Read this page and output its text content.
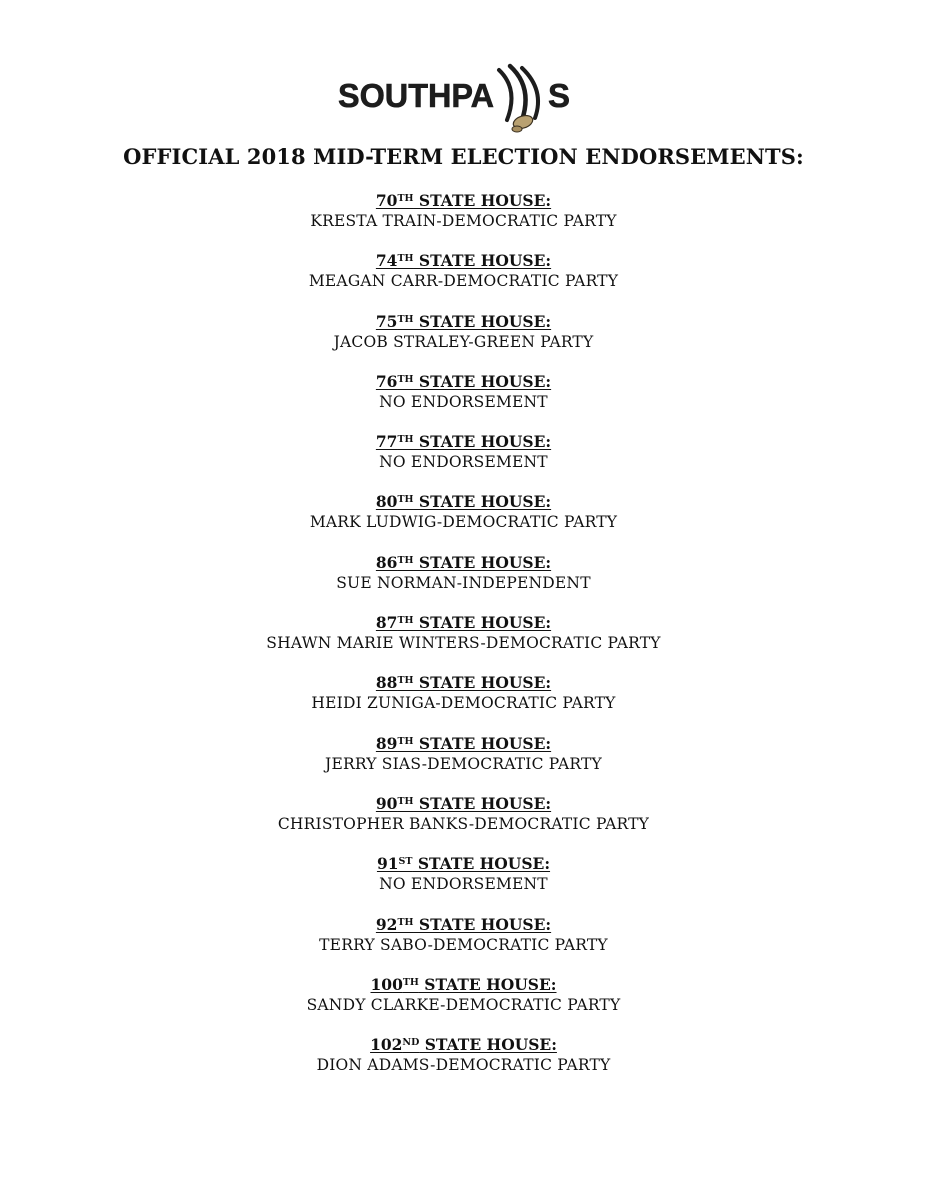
SOUTHPA S
OFFICIAL 2018 MID-TERM ELECTION ENDORSEMENTS:
70TH STATE HOUSE:
KRESTA TRAIN-DEMOCRATIC PARTY
74TH STATE HOUSE:
MEAGAN CARR-DEMOCRATIC PARTY
75TH STATE HOUSE:
JACOB STRALEY-GREEN PARTY
76TH STATE HOUSE:
NO ENDORSEMENT
77TH STATE HOUSE:
NO ENDORSEMENT
80TH STATE HOUSE:
MARK LUDWIG-DEMOCRATIC PARTY
86TH STATE HOUSE:
SUE NORMAN-INDEPENDENT
87TH STATE HOUSE:
SHAWN MARIE WINTERS-DEMOCRATIC PARTY
88TH STATE HOUSE:
HEIDI ZUNIGA-DEMOCRATIC PARTY
89TH STATE HOUSE:
JERRY SIAS-DEMOCRATIC PARTY
90TH STATE HOUSE:
CHRISTOPHER BANKS-DEMOCRATIC PARTY
91ST STATE HOUSE:
NO ENDORSEMENT
92TH STATE HOUSE:
TERRY SABO-DEMOCRATIC PARTY
100TH STATE HOUSE:
SANDY CLARKE-DEMOCRATIC PARTY
102ND STATE HOUSE:
DION ADAMS-DEMOCRATIC PARTY
